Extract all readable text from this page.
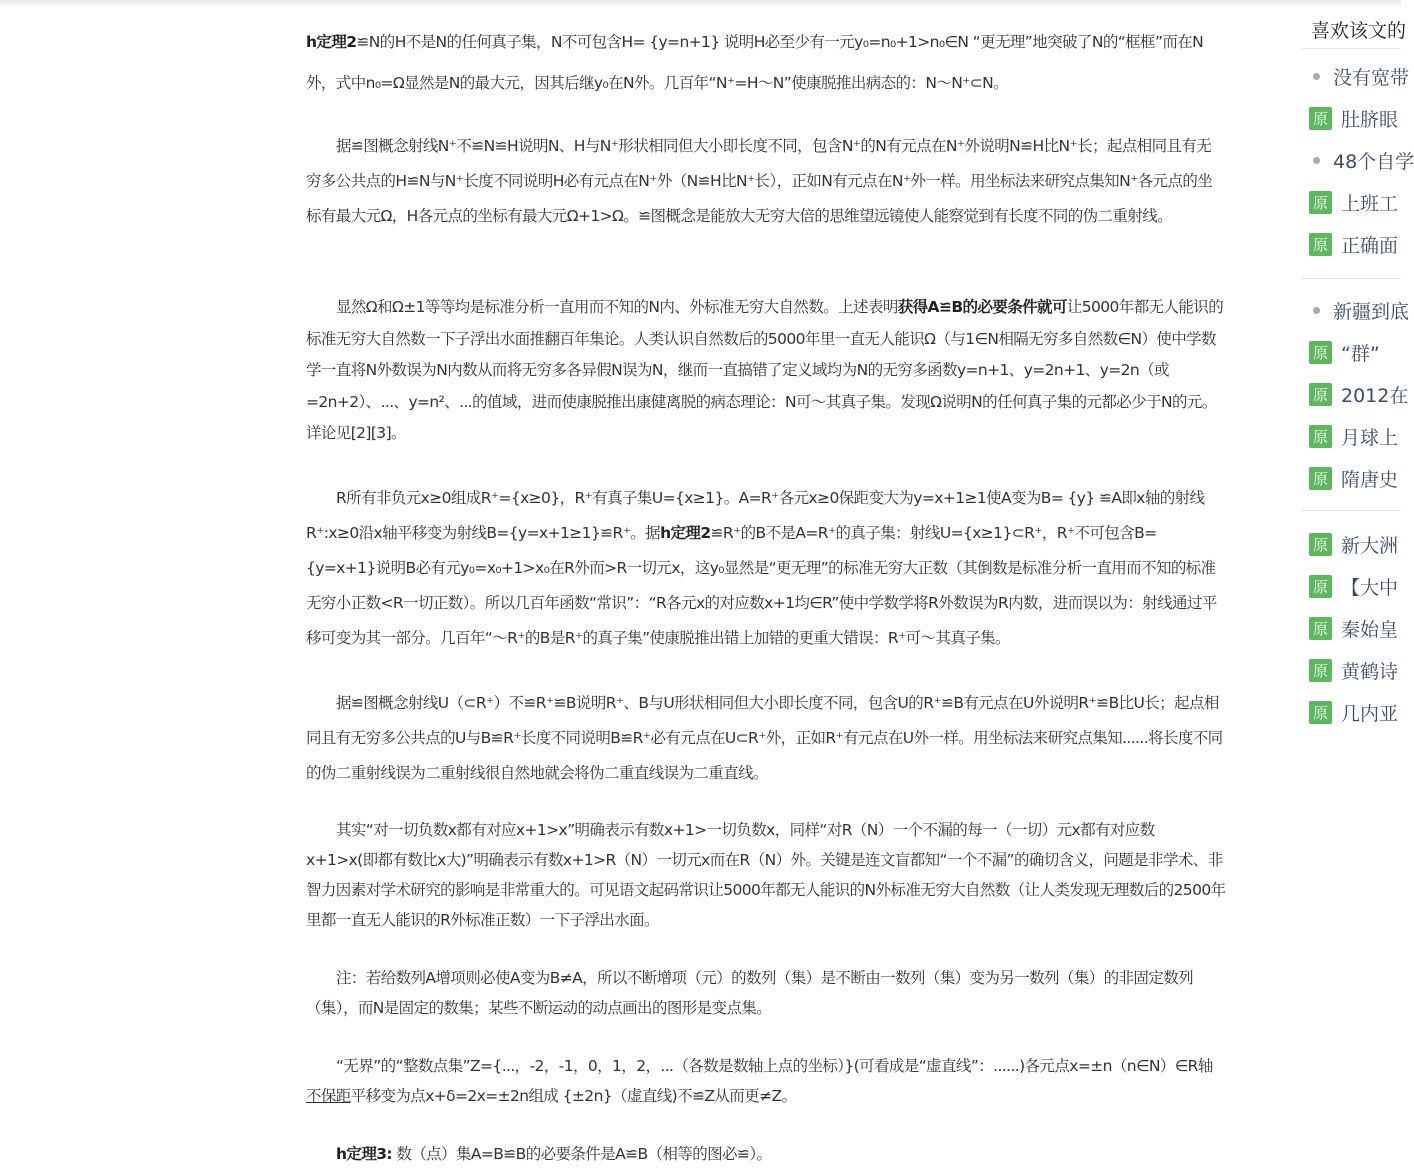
h定理2≌N的H不是N的任何真子集，N不可包含H= {y=n+1} 说明H必至少有一元y₀=n₀+1>n₀∈N “更无理”地突破了N的“框框”而在N外，式中n₀=Ω显然是N的最大元，因其后继y₀在N外。几百年“N⁺=H～N”使康脱推出病态的：N～N⁺⊂N。

据≌图概念射线N⁺不≌N≌H说明N、H与N⁺形状相同但大小即长度不同，包含N⁺的N有元点在N⁺外说明N≌H比N⁺长；起点相同且有无穷多公共点的H≌N与N⁺长度不同说明H必有元点在N⁺外（N≌H比N⁺长），正如N有元点在N⁺外一样。用坐标法来研究点集知N⁺各元点的坐标有最大元Ω，H各元点的坐标有最大元Ω+1>Ω。≌图概念是能放大无穷大倍的思维望远镜使人能察觉到有长度不同的伪二重射线。

显然Ω和Ω±1等等均是标准分析一直用而不知的N内、外标准无穷大自然数。上述表明获得A≌B的必要条件就可让5000年都无人能识的标准无穷大自然数一下子浮出水面推翻百年集论。人类认识自然数后的5000年里一直无人能识Ω（与1∈N相隔无穷多自然数∈N）使中学数学一直将N外数误为N内数从而将无穷多各异假N误为N，继而一直搞错了定义域均为N的无穷多函数y=n+1、y=2n+1、y=2n（或=2n+2）、...、y=n²、...的值域，进而使康脱推出康健离脱的病态理论：N可～其真子集。发现Ω说明N的任何真子集的元都必少于N的元。详论见[2][3]。

R所有非负元x≥0组成R⁺={x≥0}，R⁺有真子集U={x≥1}。A=R⁺各元x≥0保距变大为y=x+1≥1使A变为B= {y} ≌A即x轴的射线R⁺:x≥0沿x轴平移变为射线B={y=x+1≥1}≌R⁺。据h定理2≌R⁺的B不是A=R⁺的真子集：射线U={x≥1}⊂R⁺，R⁺不可包含B={y=x+1}说明B必有元y₀=x₀+1>x₀在R外而>R一切元x，这y₀显然是“更无理”的标准无穷大正数（其倒数是标准分析一直用而不知的标准无穷小正数<R一切正数）。所以几百年函数“常识”：“R各元x的对应数x+1均∈R”使中学数学将R外数误为R内数，进而误以为：射线通过平移可变为其一部分。几百年“～R⁺的B是R⁺的真子集”使康脱推出错上加错的更重大错误：R⁺可～其真子集。

据≌图概念射线U（⊂R⁺）不≌R⁺≌B说明R⁺、B与U形状相同但大小即长度不同，包含U的R⁺≌B有元点在U外说明R⁺≌B比U长；起点相同且有无穷多公共点的U与B≌R⁺长度不同说明B≌R⁺必有元点在U⊂R⁺外，正如R⁺有元点在U外一样。用坐标法来研究点集知......将长度不同的伪二重射线误为二重射线很自然地就会将伪二重直线误为二重直线。

其实“对一切负数x都有对应x+1>x”明确表示有数x+1>一切负数x，同样“对R（N）一个不漏的每一（一切）元x都有对应数x+1>x(即都有数比x大)”明确表示有数x+1>R（N）一切元x而在R（N）外。关键是连文盲都知“一个不漏”的确切含义，问题是非学术、非智力因素对学术研究的影响是非常重大的。可见语文起码常识让5000年都无人能识的N外标准无穷大自然数（让人类发现无理数后的2500年里都一直无人能识的R外标准正数）一下子浮出水面。

注：若给数列A增项则必使A变为B≠A，所以不断增项（元）的数列（集）是不断由一数列（集）变为另一数列（集）的非固定数列（集），而N是固定的数集；某些不断运动的动点画出的图形是变点集。

“无界”的“整数点集”Z={...，-2，-1，0，1，2，...（各数是数轴上点的坐标）}(可看成是“虚直线”：......)各元点x=±n（n∈N）∈R轴不保距平移变为点x+δ=2x=±2n组成 {±2n}（虚直线)不≌Z从而更≠Z。

h定理3: 数（点）集A=B≌B的必要条件是A≌B（相等的图必≌）。

喜欢该文的
没有宽带
原 肚脐眼
48个自学
原 上班工
原 正确面
新疆到底
原 “群”
原 2012在
原 月球上
原 隋唐史
原 新大洲
原 【大中
原 秦始皇
原 黄鹤诗
原 几内亚
